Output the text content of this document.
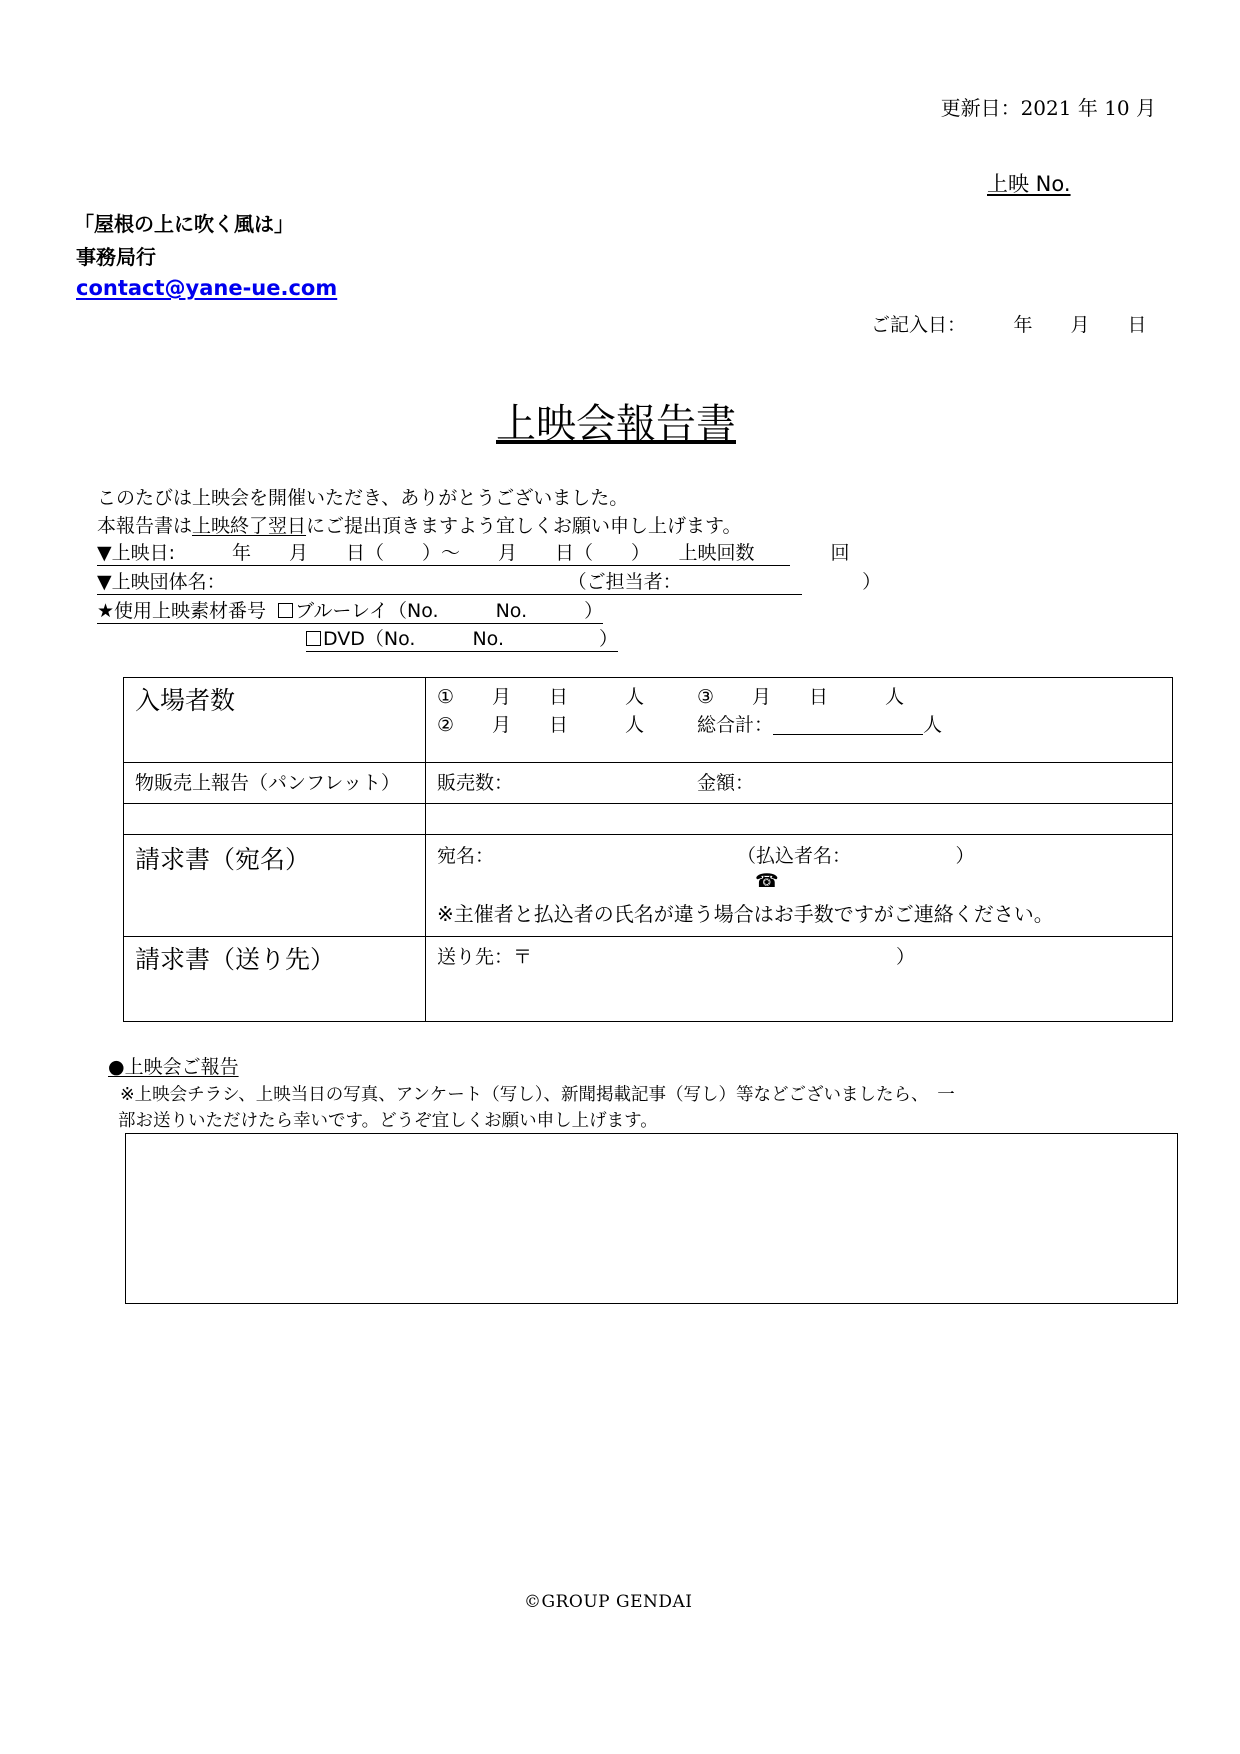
更新日：2021 年 10 月
上映 No.
「屋根の上に吹く風は」
事務局行
contact@yane-ue.com
ご記入日：　　　年　　月　　日
上映会報告書
このたびは上映会を開催いただき、ありがとうございました。
本報告書は上映終了翌日にご提出頂きますよう宜しくお願い申し上げます。
▼上映日:　　　年　　月　　日（　　）～　　月　　日（　　）　　上映回数　　　　回
▼上映団体名：　　　　　　　　　　　　　　　　　　　（ご担当者：　　　　　　　　　　）
★使用上映素材番号 ブルーレイ（No.　　　No.　　　）
DVD（No.　　　No.　　　　　）
入場者数	①　　月　　日　　　人	③　　月　　日　　　人
②　　月　　日　　　人	総合計：	人
物販売上報告（パンフレット） 販売数：	金額：
請求書（宛名）	宛名：	（払込者名：　　　　　　）
☎
※主催者と払込者の氏名が違う場合はお手数ですがご連絡ください。
請求書（送り先）	送り先：〒	）
●上映会ご報告
※上映会チラシ、上映当日の写真、アンケート（写し）、新聞掲載記事（写し）等などございましたら、　一
部お送りいただけたら幸いです。どうぞ宜しくお願い申し上げます。
©GROUP GENDAI
